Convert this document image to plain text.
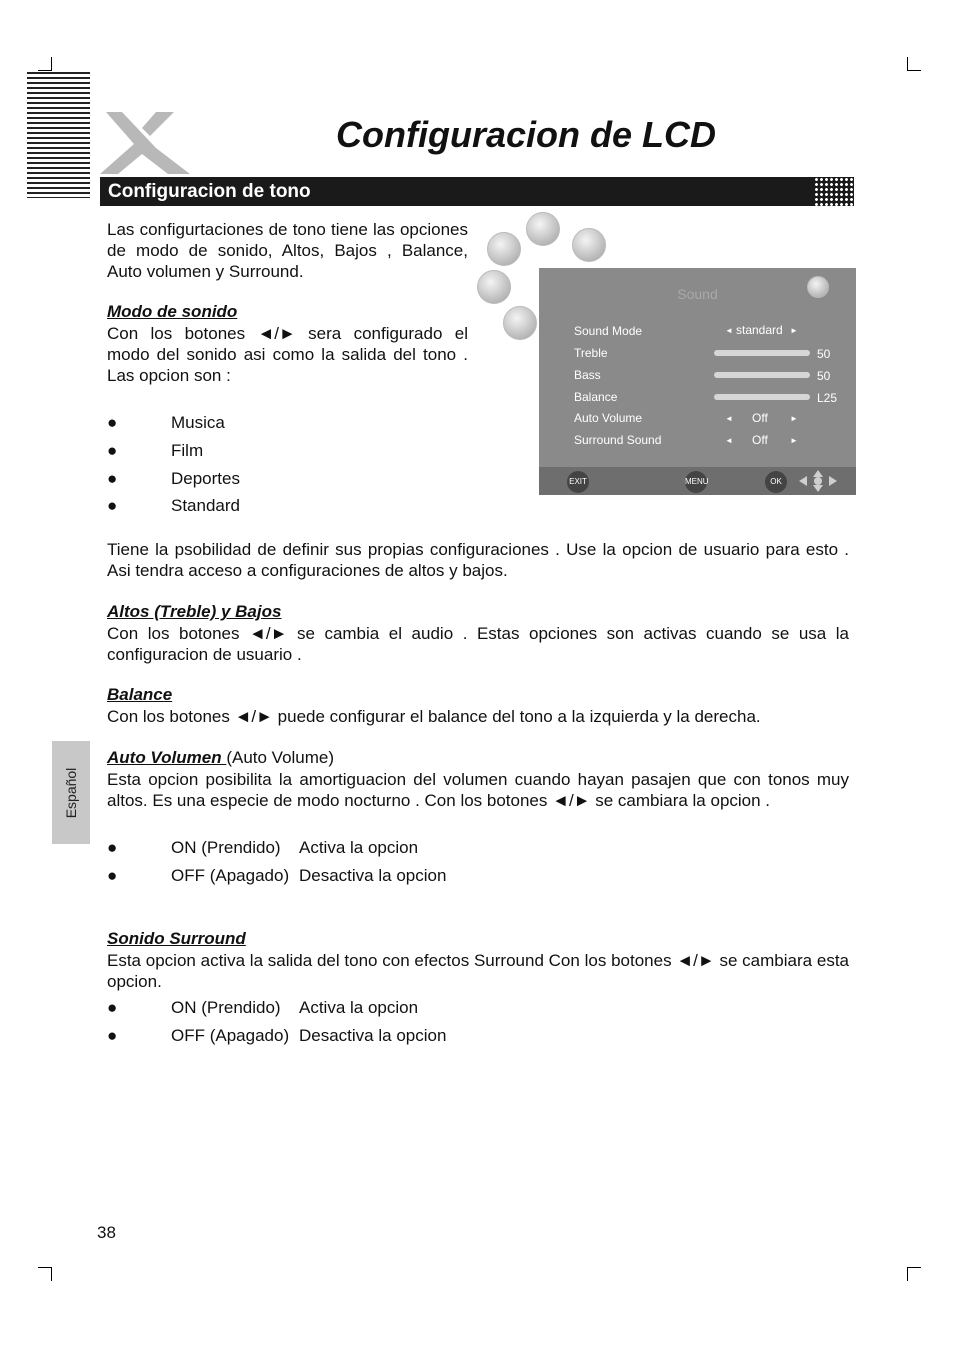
Configuracion de LCD
Configuracion de tono
Las configurtaciones de tono tiene las opciones de modo de sonido, Altos, Bajos , Balance, Auto volumen y Surround.
Modo de sonido
Con los botones ◄/► sera configurado el modo del sonido asi como la salida del tono . Las opcion son :
●	Musica
●	Film
●	Deportes
●	Standard
Sound
Sound Mode	◄ standard ►
Treble	50
Bass	50
Balance	L25
Auto Volume	◄ Off	►
Surround Sound	◄ Off	►
EXIT	MENU	OK
Tiene la psobilidad de definir sus propias configuraciones . Use la opcion de usuario para esto . Asi tendra acceso a configuraciones de altos y bajos.
Altos (Treble) y Bajos
Con los botones ◄/► se cambia el audio . Estas opciones son activas cuando se usa la configuracion de usuario .
Balance
Con los botones ◄/► puede configurar el balance del tono a la izquierda y la derecha.
Auto Volumen (Auto Volume)
Esta opcion posibilita la amortiguacion del volumen cuando hayan pasajen que con tonos muy altos. Es una especie de modo nocturno . Con los botones ◄/► se cambiara la opcion .
●	ON (Prendido) Activa la opcion
●	OFF (Apagado) Desactiva la opcion
Sonido Surround
Esta opcion activa la salida del tono con efectos Surround Con los botones ◄/► se cambiara esta opcion.
●	ON (Prendido) Activa la opcion
●	OFF (Apagado) Desactiva la opcion
Español
38
